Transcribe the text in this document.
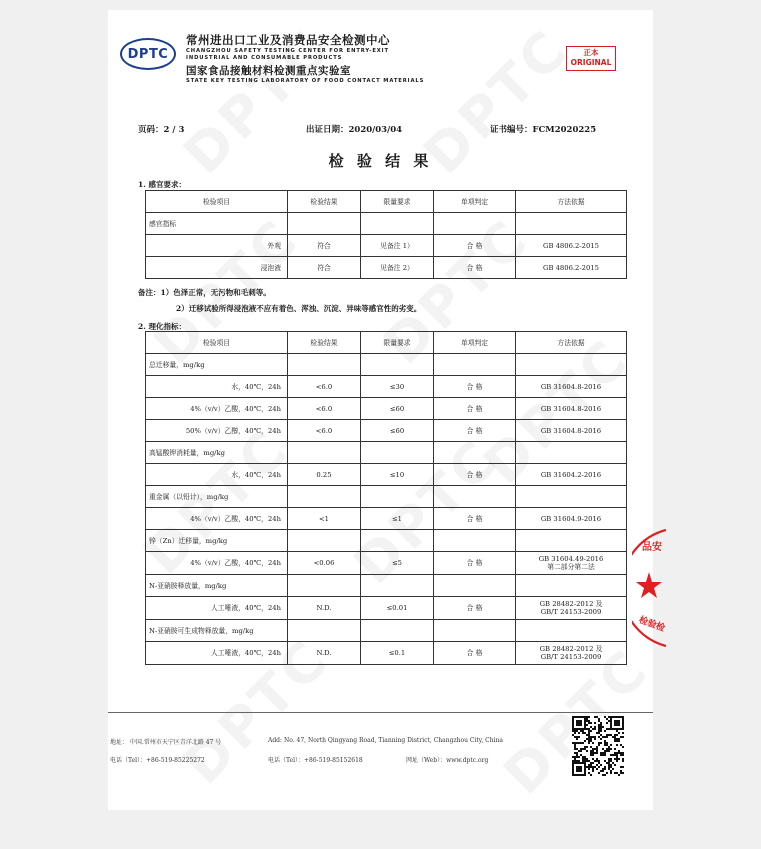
DPTC
常州进出口工业及消费品安全检测中心
CHANGZHOU SAFETY TESTING CENTER FOR ENTRY-EXIT
INDUSTRIAL AND CONSUMABLE PRODUCTS
国家食品接触材料检测重点实验室
STATE KEY TESTING LABORATORY OF FOOD CONTACT MATERIALS
正本
ORIGINAL
页码：2 / 3	出证日期：2020/03/04	证书编号：FCM2020225
检 验 结 果
1. 感官要求：
检验项目	检验结果	限量要求	单项判定	方法依据
感官指标				
外观	符合	见备注 1）	合 格	GB 4806.2-2015
浸泡液	符合	见备注 2）	合 格	GB 4806.2-2015
备注：1）色泽正常，无污物和毛刺等。
2）迁移试验所得浸泡液不应有着色、浑浊、沉淀、异味等感官性的劣变。
2. 理化指标：
检验项目	检验结果	限量要求	单项判定	方法依据
总迁移量，mg/kg				
水，40℃，24h	<6.0	≤30	合 格	GB 31604.8-2016

4%（v/v）乙酸，40℃，24h	<6.0	≤60	合 格	GB 31604.8-2016

50%（v/v）乙醇，40℃，24h	<6.0	≤60	合 格	GB 31604.8-2016

高锰酸钾消耗量，mg/kg				
水，40℃，24h	0.25	≤10	合 格	GB 31604.2-2016

重金属（以铅计），mg/kg				
4%（v/v）乙酸，40℃，24h	<1	≤1	合 格	GB 31604.9-2016

锌（Zn）迁移量，mg/kg				
4%（v/v）乙酸，40℃，24h	<0.06	≤5	合 格	GB 31604.49-2016
第二部分第二法

N-亚硝胺释放量，mg/kg				
人工唾液，40℃，24h	N.D.	≤0.01	合 格	GB 28482-2012 及
GB/T 24153-2009

N-亚硝胺可生成物释放量，mg/kg				
人工唾液，40℃，24h	N.D.	≤0.1	合 格	GB 28482-2012 及
GB/T 24153-2009
地址： 中国.常州市天宁区青洋北路 47 号	Add: No. 47, North Qingyang Road, Tianning District, Changzhou City, China
电话（Tel）：+86-519-85225272	电话（Tel）：+86-519-85152618	网址（Web）：www.dptc.org
品安
检验检
